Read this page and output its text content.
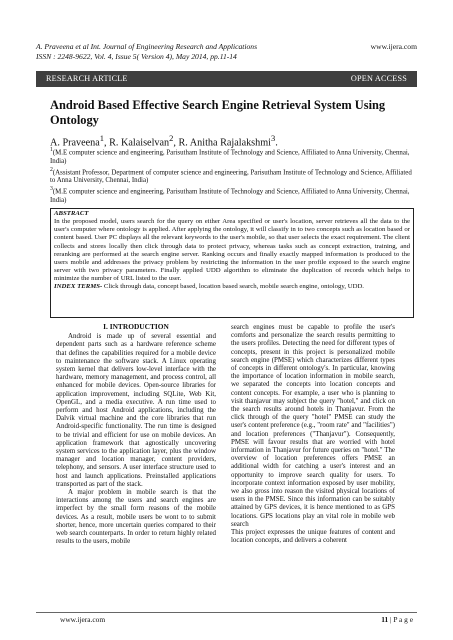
A. Praveena et al Int. Journal of Engineering Research and Applications
ISSN : 2248-9622, Vol. 4, Issue 5( Version 4), May 2014, pp.11-14
www.ijera.com
RESEARCH ARTICLE	OPEN ACCESS
Android Based Effective Search Engine Retrieval System Using Ontology
A. Praveena$^1$, R. Kalaiselvan$^2$, R. Anitha Rajalakshmi$^3$.

$^1$(M.E computer science and engineering, Parisutham Institute of Technology and Science, Affiliated to Anna University, Chennai, India)

$^2$(Assistant Professor, Department of computer science and engineering, Parisutham Institute of Technology and Science, Affiliated to Anna University, Chennai, India)

$^3$(M.E computer science and engineering, Parisutham Institute of Technology and Science, Affiliated to Anna University, Chennai, India)

ABSTRACT
In the proposed model, users search for the query on either Area specified or user's location, server retrieves all the data to the user's computer where ontology is applied. After applying the ontology, it will classify in to two concepts such as location based or content based. User PC displays all the relevant keywords to the user's mobile, so that user selects the exact requirement. The client collects and stores locally then click through data to protect privacy, whereas tasks such as concept extraction, training, and reranking are performed at the search engine server. Ranking occurs and finally exactly mapped information is produced to the users mobile and addresses the privacy problem by restricting the information in the user profile exposed to the search engine server with two privacy parameters. Finally applied UDD algorithm to eliminate the duplication of records which helps to minimize the number of URL listed to the user.
INDEX TERMS- Click through data, concept based, location based search, mobile search engine, ontology, UDD.
I. INTRODUCTION

Android is made up of several essential and dependent parts such as a hardware reference scheme that defines the capabilities required for a mobile device to maintenance the software stack. A Linux operating system kernel that delivers low-level interface with the hardware, memory management, and process control, all enhanced for mobile devices. Open-source libraries for application improvement, including SQLite, Web Kit, OpenGL, and a media executive. A run time used to perform and host Android applications, including the Dalvik virtual machine and the core libraries that run Android-specific functionality. The run time is designed to be trivial and efficient for use on mobile devices. An application framework that agnostically uncovering system services to the application layer, plus the window manager and location manager, content providers, telephony, and sensors. A user interface structure used to host and launch applications. Preinstalled applications transported as part of the stack.

A major problem in mobile search is that the interactions among the users and search engines are imperfect by the small form reasons of the mobile devices. As a result, mobile users be wont to to submit shorter, hence, more uncertain queries compared to their web search counterparts. In order to return highly related results to the users, mobile

search engines must be capable to profile the user's comforts and personalize the search results permitting to the users profiles. Detecting the need for different types of concepts, present in this project is personalized mobile search engine (PMSE) which characterizes different types of concepts in different ontology's. In particular, knowing the importance of location information in mobile search, we separated the concepts into location concepts and content concepts. For example, a user who is planning to visit thanjavur may subject the query "hotel," and click on the search results around hotels in Thanjavur. From the click through of the query "hotel" PMSE can study the user's content preference (e.g., "room rate" and "facilities") and location preferences ("Thanjavur"). Consequently, PMSE will favour results that are worried with hotel information in Thanjavur for future queries on "hotel." The overview of location preferences offers PMSE an additional width for catching a user's interest and an opportunity to improve search quality for users. To incorporate context information exposed by user mobility, we also gross into reason the visited physical locations of users in the PMSE. Since this information can be suitably attained by GPS devices, it is hence mentioned to as GPS locations. GPS locations play an vital role in mobile web search

This project expresses the unique features of content and location concepts, and delivers a coherent

www.ijera.com	11 | P a g e
